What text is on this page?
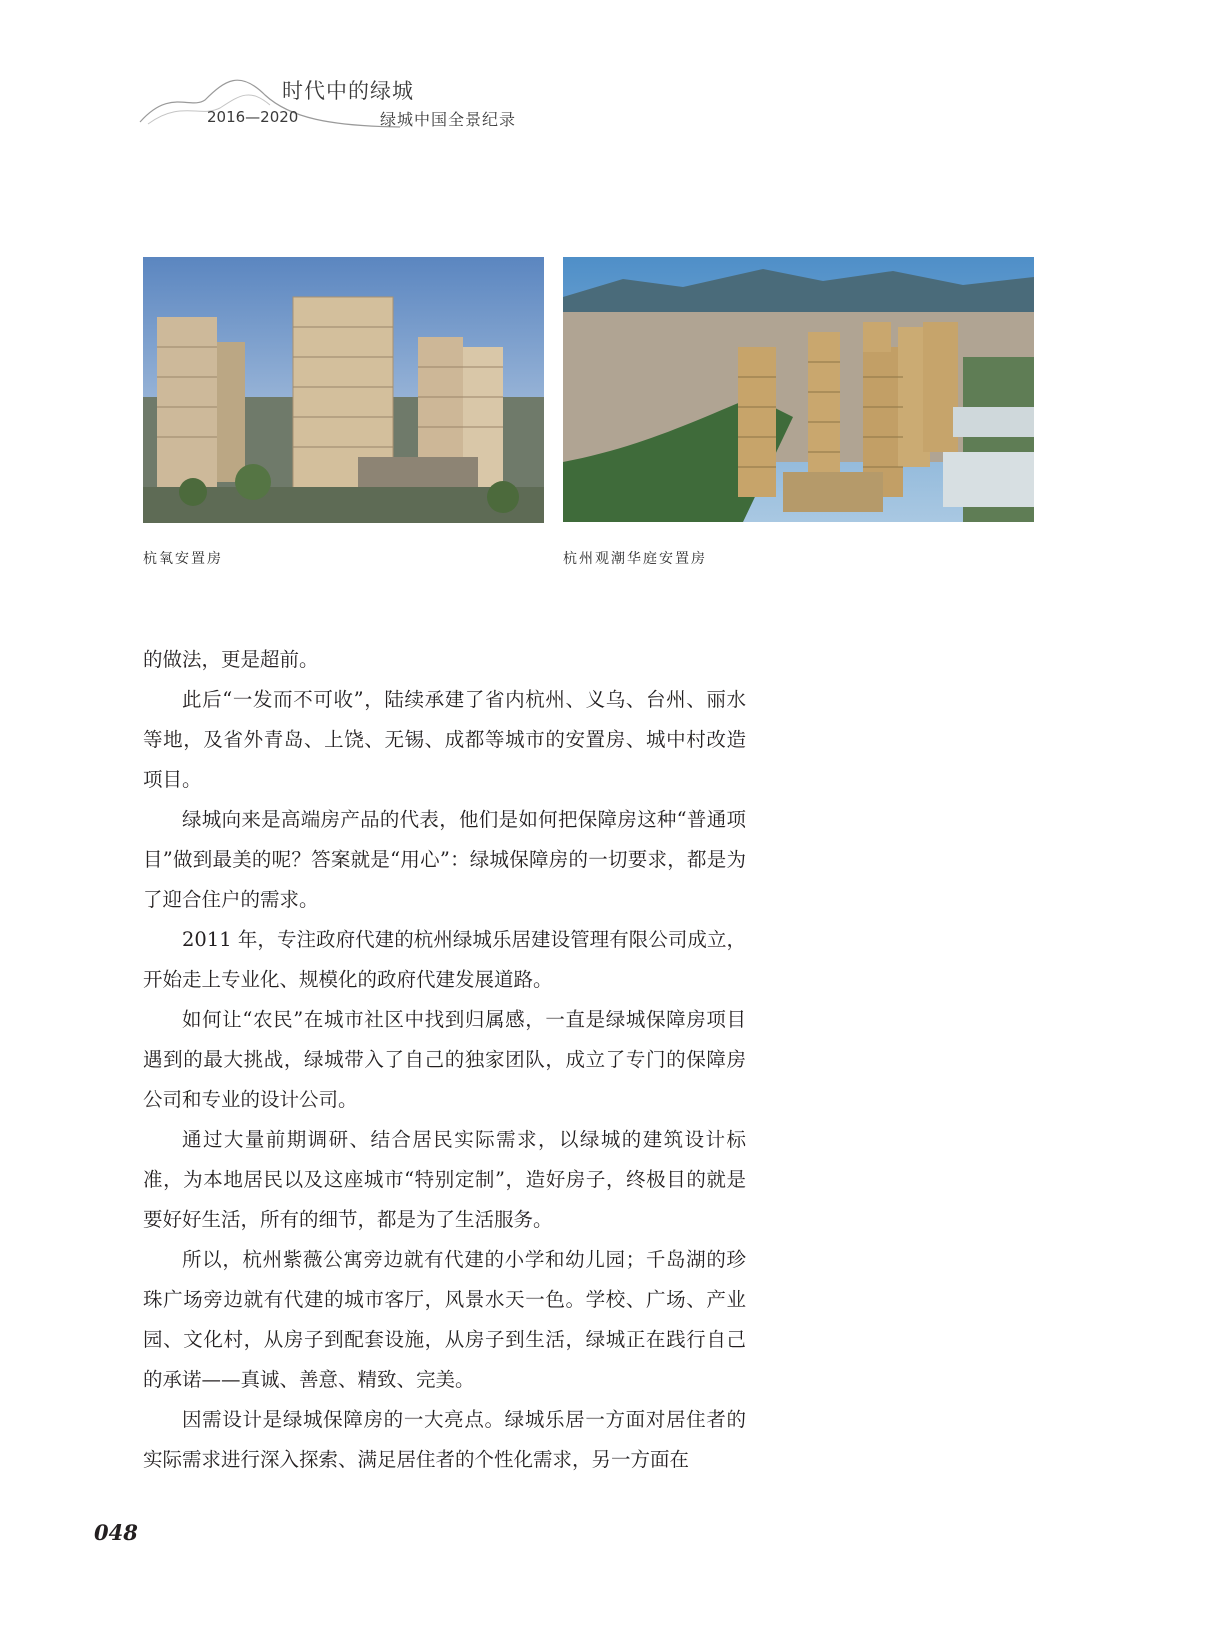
时代中的绿城
2016—2020	绿城中国全景纪录
杭氧安置房	杭州观潮华庭安置房

的做法，更是超前。

此后“一发而不可收”，陆续承建了省内杭州、义乌、台州、丽水等地，及省外青岛、上饶、无锡、成都等城市的安置房、城中村改造项目。

绿城向来是高端房产品的代表，他们是如何把保障房这种“普通项目”做到最美的呢？答案就是“用心”：绿城保障房的一切要求，都是为了迎合住户的需求。

2011 年，专注政府代建的杭州绿城乐居建设管理有限公司成立，开始走上专业化、规模化的政府代建发展道路。

如何让“农民”在城市社区中找到归属感，一直是绿城保障房项目遇到的最大挑战，绿城带入了自己的独家团队，成立了专门的保障房公司和专业的设计公司。

通过大量前期调研、结合居民实际需求，以绿城的建筑设计标准，为本地居民以及这座城市“特别定制”，造好房子，终极目的就是要好好生活，所有的细节，都是为了生活服务。

所以，杭州紫薇公寓旁边就有代建的小学和幼儿园；千岛湖的珍珠广场旁边就有代建的城市客厅，风景水天一色。学校、广场、产业园、文化村，从房子到配套设施，从房子到生活，绿城正在践行自己的承诺——真诚、善意、精致、完美。

因需设计是绿城保障房的一大亮点。绿城乐居一方面对居住者的实际需求进行深入探索、满足居住者的个性化需求，另一方面在

048
